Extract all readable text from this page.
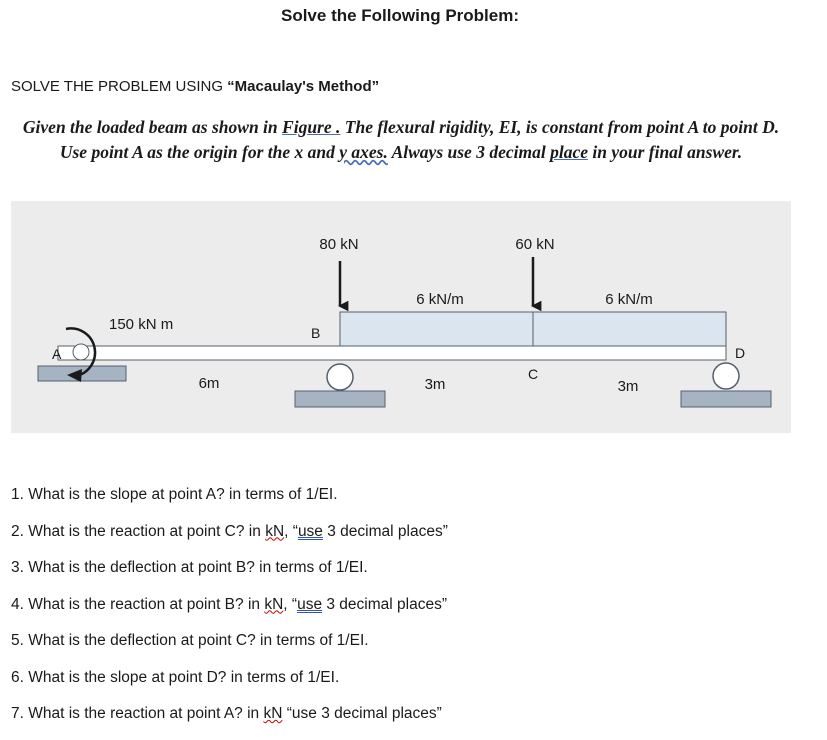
Solve the Following Problem:
SOLVE THE PROBLEM USING “Macaulay's Method”
Given the loaded beam as shown in Figure . The flexural rigidity, EI, is constant from point A to point D. Use point A as the origin for the x and y axes. Always use 3 decimal place in your final answer.
80 kN	60 kN
6 kN/m	6 kN/m
150 kN m
A
B
C
D
6m	3m	3m
1. What is the slope at point A? in terms of 1/EI.
2. What is the reaction at point C? in kN, “use 3 decimal places”
3. What is the deflection at point B? in terms of 1/EI.
4. What is the reaction at point B? in kN, “use 3 decimal places”
5. What is the deflection at point C? in terms of 1/EI.
6. What is the slope at point D? in terms of 1/EI.
7. What is the reaction at point A? in kN “use 3 decimal places”
